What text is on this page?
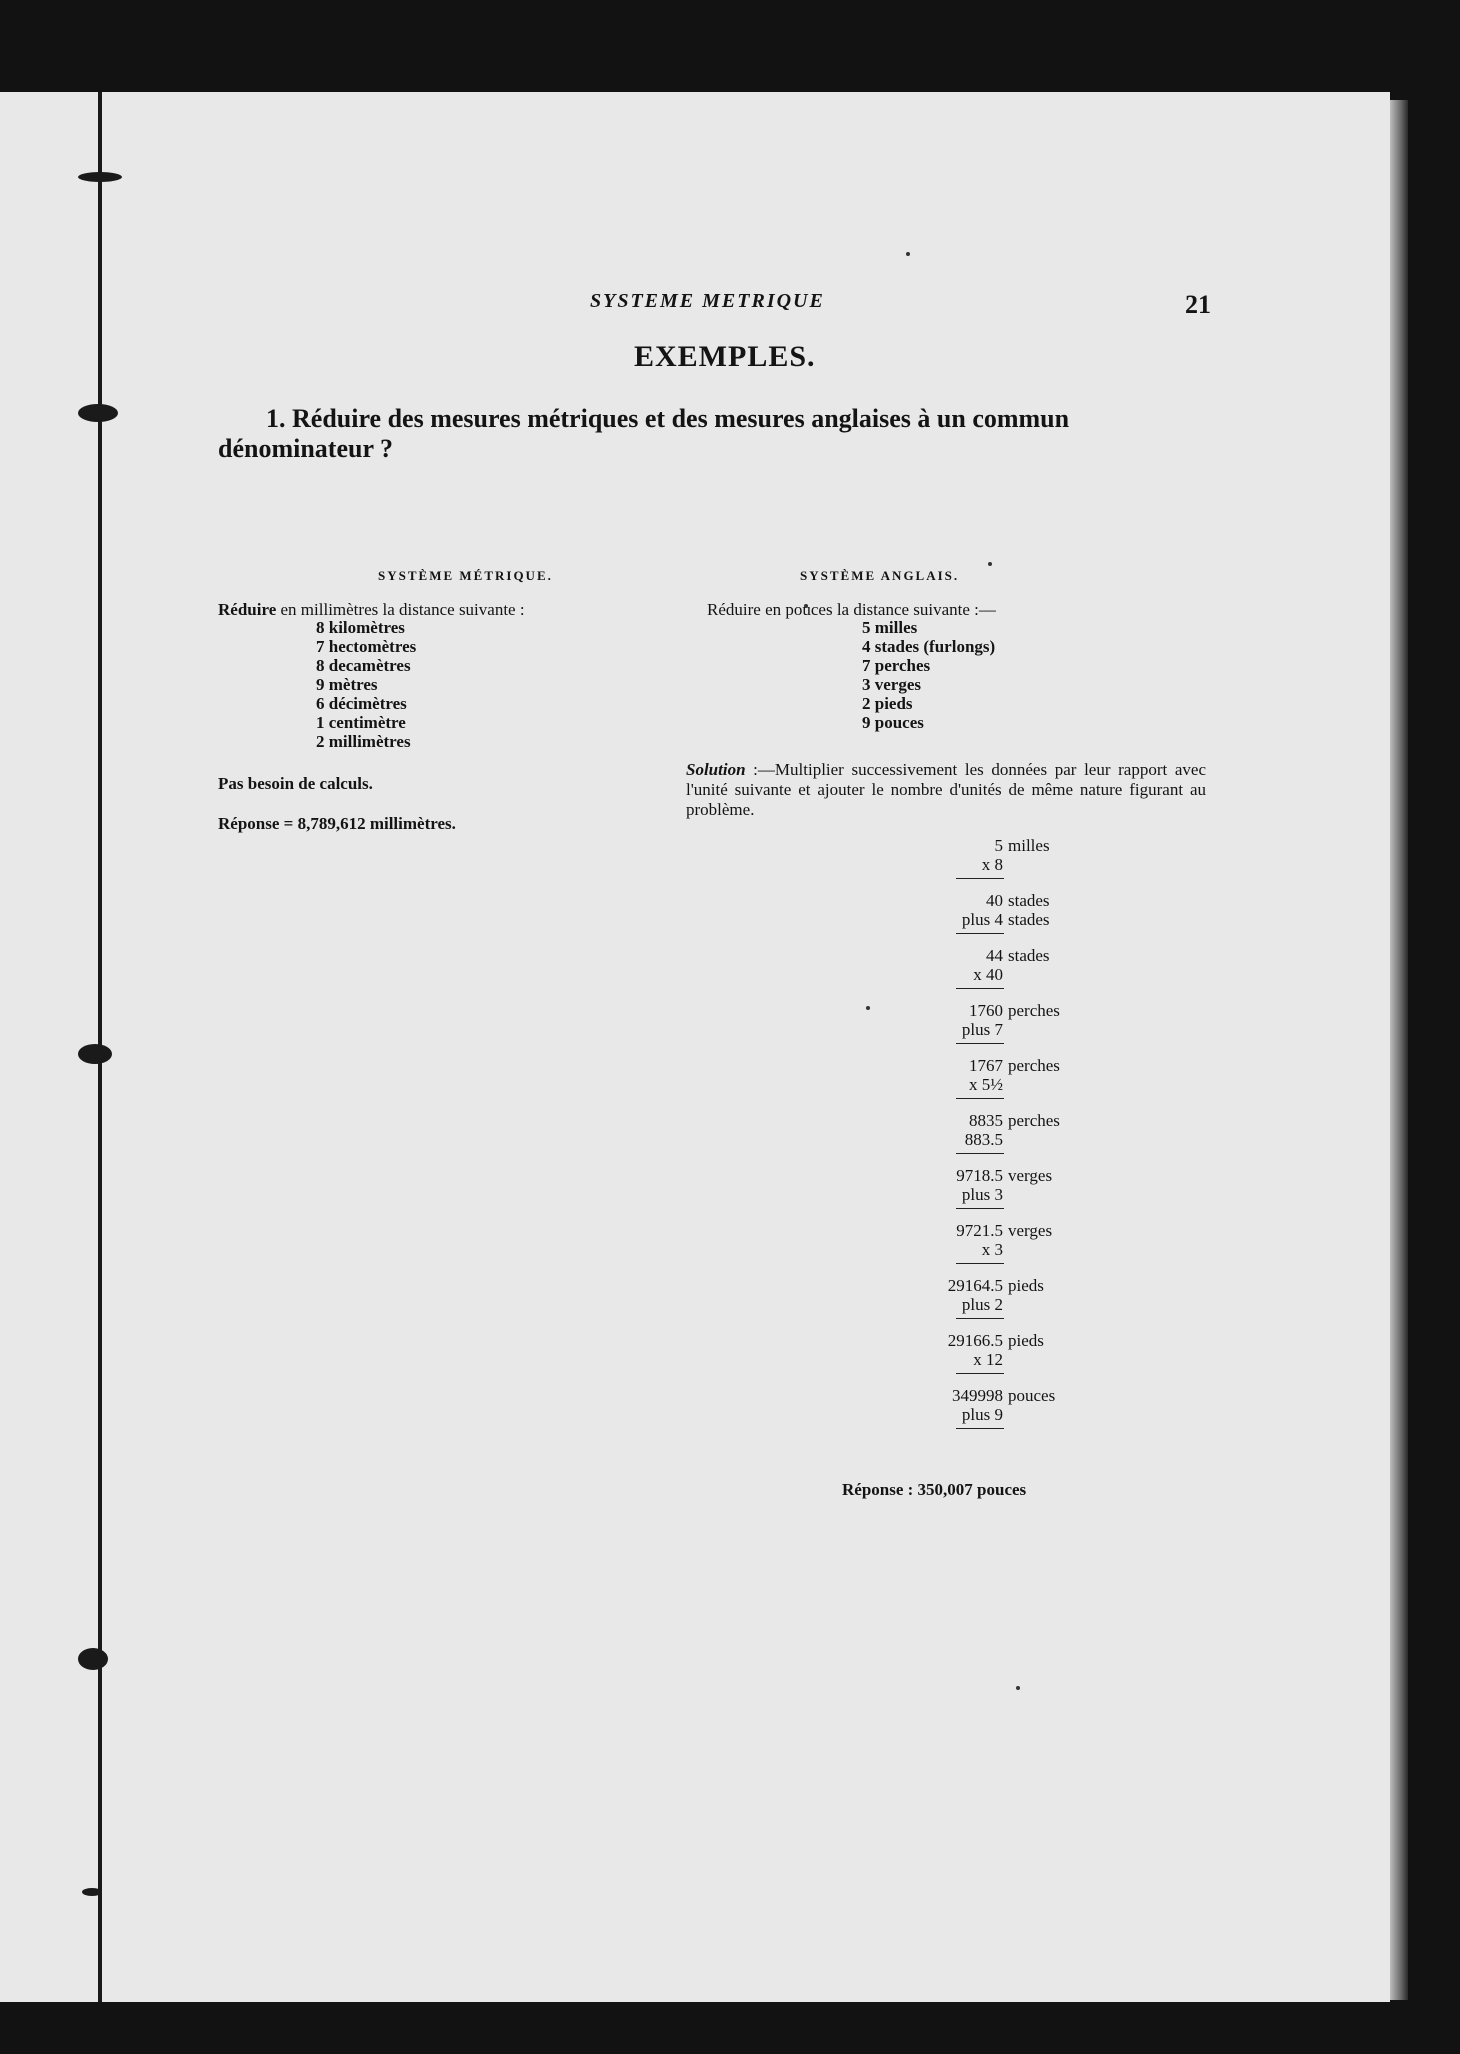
SYSTEME METRIQUE	21
EXEMPLES.
1. Réduire des mesures métriques et des mesures anglaises à un commun dénominateur ?
SYSTÈME MÉTRIQUE.	SYSTÈME ANGLAIS.
Réduire en millimètres la distance suivante :
8 kilomètres
7 hectomètres
8 decamètres
9 mètres
6 décimètres
1 centimètre
2 millimètres
Pas besoin de calculs.
Réponse = 8,789,612 millimètres.
Réduire en pouces la distance suivante :—
5 milles
4 stades (furlongs)
7 perches
3 verges
2 pieds
9 pouces
Solution :—Multiplier successivement les données par leur rapport avec l'unité suivante et ajouter le nombre d'unités de même nature figurant au problème.
5 milles
x 8
40 stades
plus 4 stades
44 stades
x 40
1760 perches
plus 7
1767 perches
x 5½
8835 perches
883.5
9718.5 verges
plus 3
9721.5 verges
x 3
29164.5 pieds
plus 2
29166.5 pieds
x 12
349998 pouces
plus 9
Réponse : 350,007 pouces
